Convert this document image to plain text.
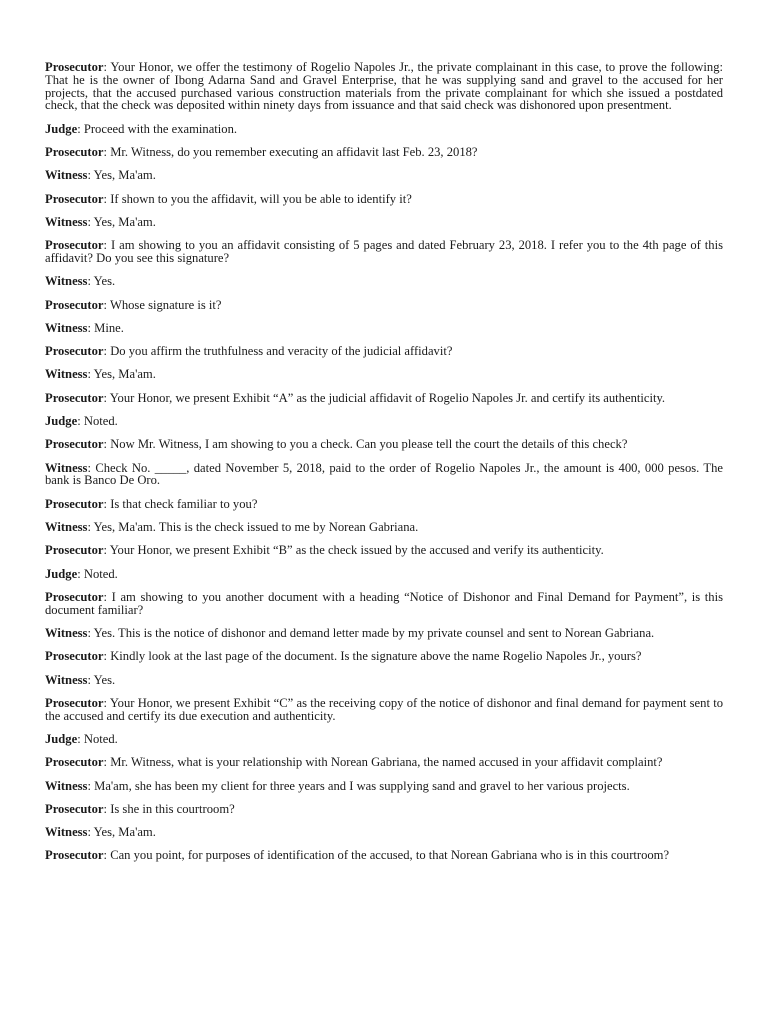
Prosecutor: Your Honor, we offer the testimony of Rogelio Napoles Jr., the private complainant in this case, to prove the following: That he is the owner of Ibong Adarna Sand and Gravel Enterprise, that he was supplying sand and gravel to the accused for her projects, that the accused purchased various construction materials from the private complainant for which she issued a postdated check, that the check was deposited within ninety days from issuance and that said check was dishonored upon presentment.

Judge: Proceed with the examination.

Prosecutor: Mr. Witness, do you remember executing an affidavit last Feb. 23, 2018?

Witness: Yes, Ma'am.

Prosecutor: If shown to you the affidavit, will you be able to identify it?

Witness: Yes, Ma'am.

Prosecutor: I am showing to you an affidavit consisting of 5 pages and dated February 23, 2018. I refer you to the 4th page of this affidavit? Do you see this signature?

Witness: Yes.

Prosecutor: Whose signature is it?

Witness: Mine.

Prosecutor: Do you affirm the truthfulness and veracity of the judicial affidavit?

Witness: Yes, Ma'am.

Prosecutor: Your Honor, we present Exhibit “A” as the judicial affidavit of Rogelio Napoles Jr. and certify its authenticity.

Judge: Noted.

Prosecutor: Now Mr. Witness, I am showing to you a check. Can you please tell the court the details of this check?

Witness: Check No. _____, dated November 5, 2018, paid to the order of Rogelio Napoles Jr., the amount is 400, 000 pesos. The bank is Banco De Oro.

Prosecutor: Is that check familiar to you?

Witness: Yes, Ma'am. This is the check issued to me by Norean Gabriana.

Prosecutor: Your Honor, we present Exhibit “B” as the check issued by the accused and verify its authenticity.

Judge: Noted.

Prosecutor: I am showing to you another document with a heading “Notice of Dishonor and Final Demand for Payment”, is this document familiar?

Witness: Yes. This is the notice of dishonor and demand letter made by my private counsel and sent to Norean Gabriana.

Prosecutor: Kindly look at the last page of the document. Is the signature above the name Rogelio Napoles Jr., yours?

Witness: Yes.

Prosecutor: Your Honor, we present Exhibit “C” as the receiving copy of the notice of dishonor and final demand for payment sent to the accused and certify its due execution and authenticity.

Judge: Noted.

Prosecutor: Mr. Witness, what is your relationship with Norean Gabriana, the named accused in your affidavit complaint?

Witness: Ma'am, she has been my client for three years and I was supplying sand and gravel to her various projects.

Prosecutor: Is she in this courtroom?

Witness: Yes, Ma'am.

Prosecutor: Can you point, for purposes of identification of the accused, to that Norean Gabriana who is in this courtroom?
